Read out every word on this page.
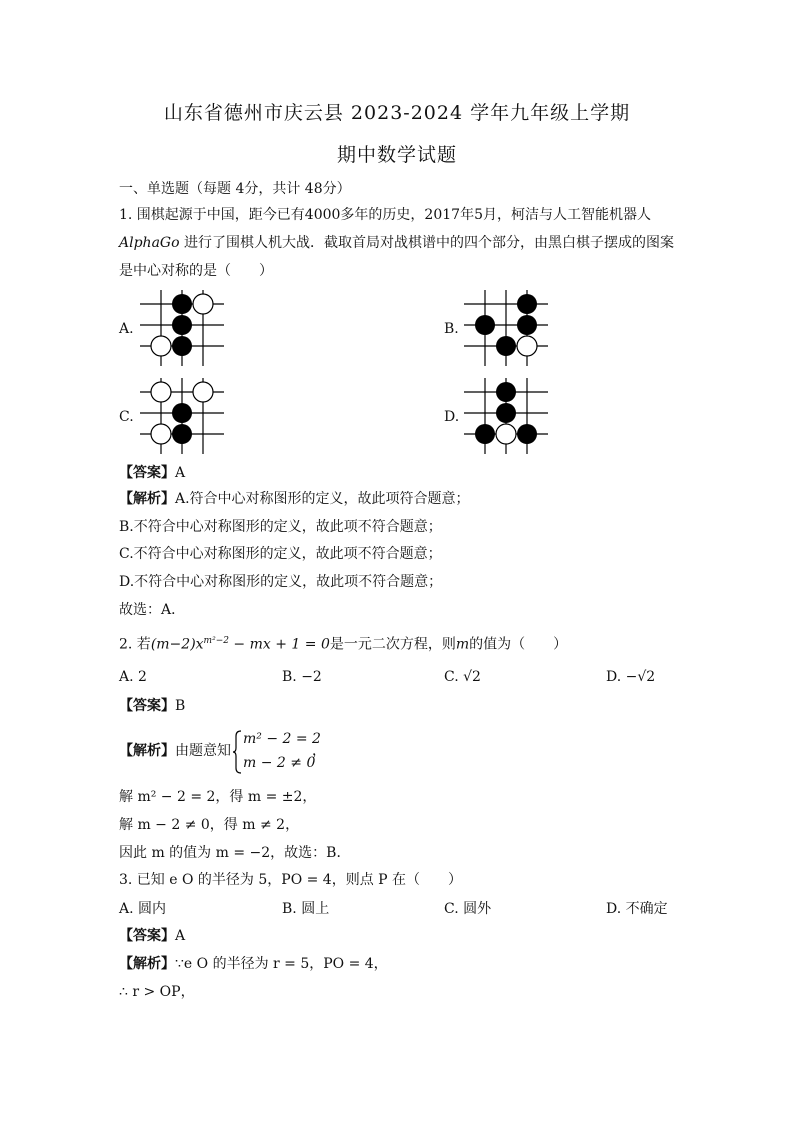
山东省德州市庆云县 2023-2024 学年九年级上学期
期中数学试题
一、单选题（每题 4分，共计 48分）
1. 围棋起源于中国，距今已有4000多年的历史，2017年5月，柯洁与人工智能机器人
AlphaGo 进行了围棋人机大战．截取首局对战棋谱中的四个部分，由黑白棋子摆成的图案
是中心对称的是（　　）
A.	B.
C.	D.
【答案】A
【解析】A.符合中心对称图形的定义，故此项符合题意；
B.不符合中心对称图形的定义，故此项不符合题意；
C.不符合中心对称图形的定义，故此项不符合题意；
D.不符合中心对称图形的定义，故此项不符合题意；
故选：A．
2. 若$(m-2)x^{m^2-2}$ − mx + 1 = 0是一元二次方程，则m的值为（　　）
A. 2	B. −2	C. √2	D. −√2
【答案】B
【解析】由题意知
m² − 2 = 2
m − 2 ≠ 0
，
解 m² − 2 = 2，得 m = ±2，
解 m − 2 ≠ 0，得 m ≠ 2，
因此 m 的值为 m = −2，故选：B．
3. 已知 e O 的半径为 5，PO = 4，则点 P 在（　　）
A. 圆内	B. 圆上	C. 圆外	D. 不确定
【答案】A
【解析】∵e O 的半径为 r = 5，PO = 4，
∴ r > OP，
